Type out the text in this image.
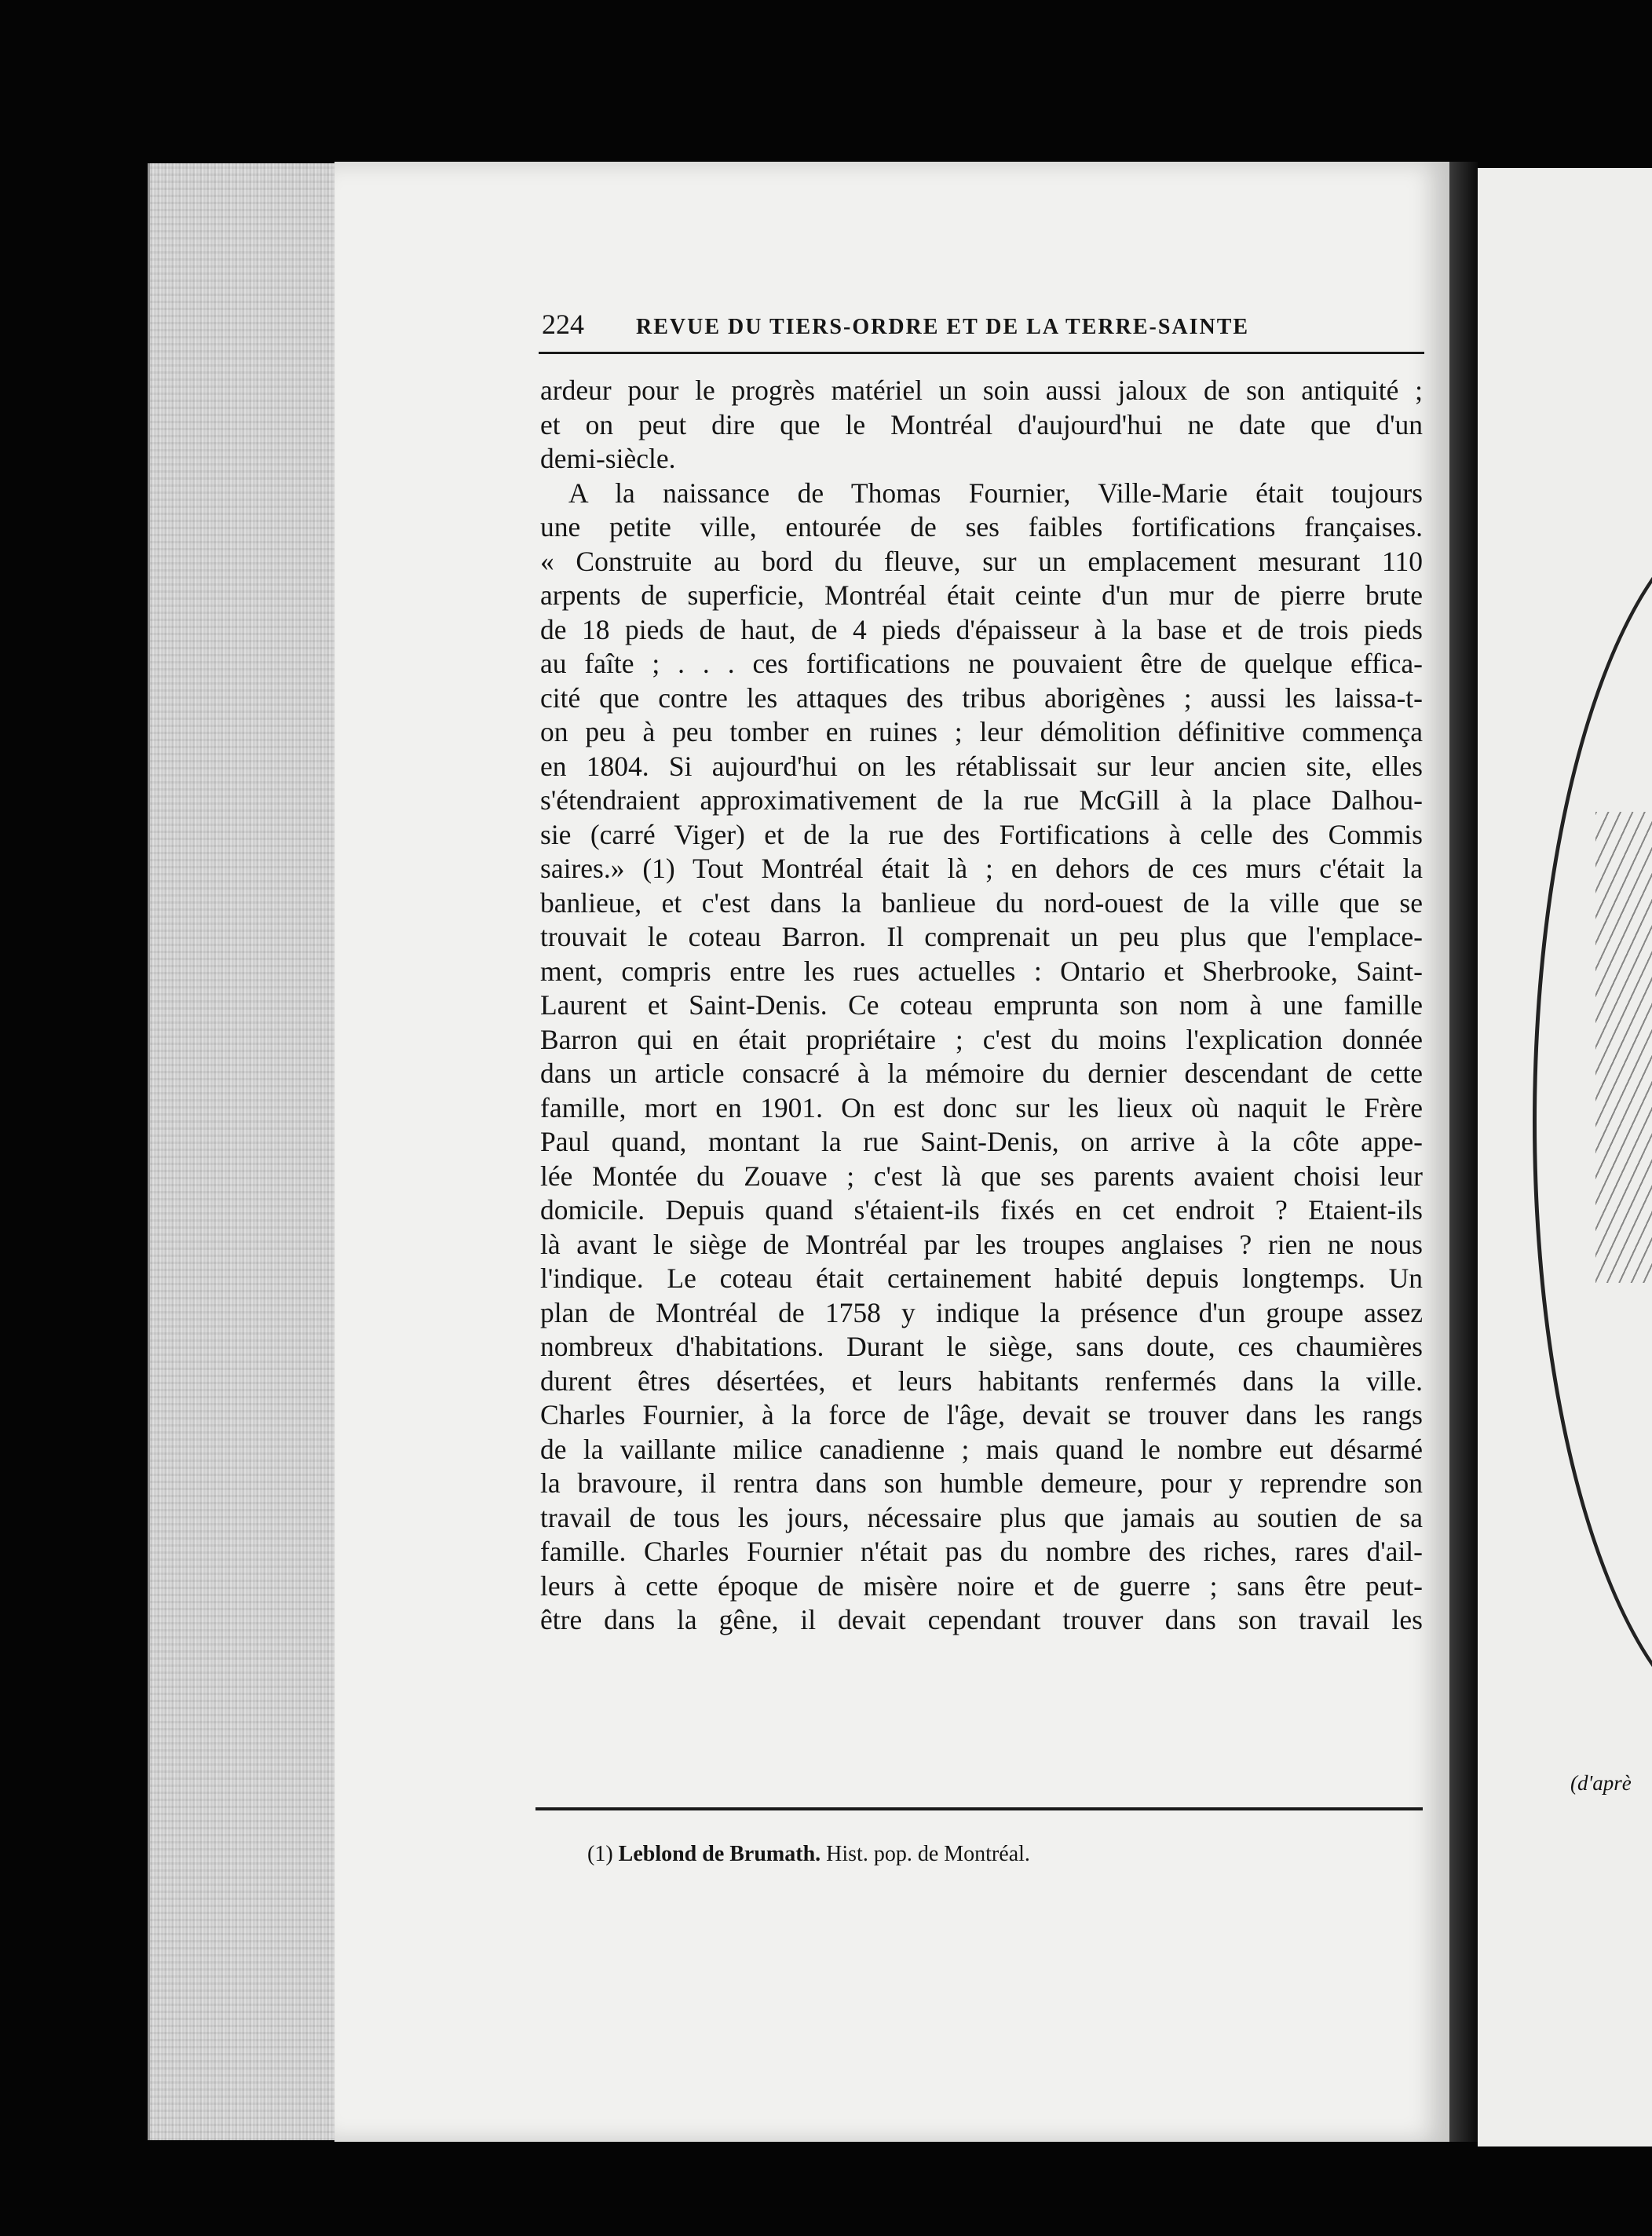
(d'aprè
224	REVUE DU TIERS-ORDRE ET DE LA TERRE-SAINTE
ardeur pour le progrès matériel un soin aussi jaloux de son antiquité ;
et on peut dire que le Montréal d'aujourd'hui ne date que d'un
demi-siècle.
A la naissance de Thomas Fournier, Ville-Marie était toujours
une petite ville, entourée de ses faibles fortifications françaises.
« Construite au bord du fleuve, sur un emplacement mesurant 110
arpents de superficie, Montréal était ceinte d'un mur de pierre brute
de 18 pieds de haut, de 4 pieds d'épaisseur à la base et de trois pieds
au faîte ; . . . ces fortifications ne pouvaient être de quelque effica-
cité que contre les attaques des tribus aborigènes ; aussi les laissa-t-
on peu à peu tomber en ruines ; leur démolition définitive commença
en 1804. Si aujourd'hui on les rétablissait sur leur ancien site, elles
s'étendraient approximativement de la rue McGill à la place Dalhou-
sie (carré Viger) et de la rue des Fortifications à celle des Commis
saires.» (1) Tout Montréal était là ; en dehors de ces murs c'était la
banlieue, et c'est dans la banlieue du nord-ouest de la ville que se
trouvait le coteau Barron. Il comprenait un peu plus que l'emplace-
ment, compris entre les rues actuelles : Ontario et Sherbrooke, Saint-
Laurent et Saint-Denis. Ce coteau emprunta son nom à une famille
Barron qui en était propriétaire ; c'est du moins l'explication donnée
dans un article consacré à la mémoire du dernier descendant de cette
famille, mort en 1901. On est donc sur les lieux où naquit le Frère
Paul quand, montant la rue Saint-Denis, on arrive à la côte appe-
lée Montée du Zouave ; c'est là que ses parents avaient choisi leur
domicile. Depuis quand s'étaient-ils fixés en cet endroit ? Etaient-ils
là avant le siège de Montréal par les troupes anglaises ? rien ne nous
l'indique. Le coteau était certainement habité depuis longtemps. Un
plan de Montréal de 1758 y indique la présence d'un groupe assez
nombreux d'habitations. Durant le siège, sans doute, ces chaumières
durent êtres désertées, et leurs habitants renfermés dans la ville.
Charles Fournier, à la force de l'âge, devait se trouver dans les rangs
de la vaillante milice canadienne ; mais quand le nombre eut désarmé
la bravoure, il rentra dans son humble demeure, pour y reprendre son
travail de tous les jours, nécessaire plus que jamais au soutien de sa
famille. Charles Fournier n'était pas du nombre des riches, rares d'ail-
leurs à cette époque de misère noire et de guerre ; sans être peut-
être dans la gêne, il devait cependant trouver dans son travail les
(1) Leblond de Brumath. Hist. pop. de Montréal.
